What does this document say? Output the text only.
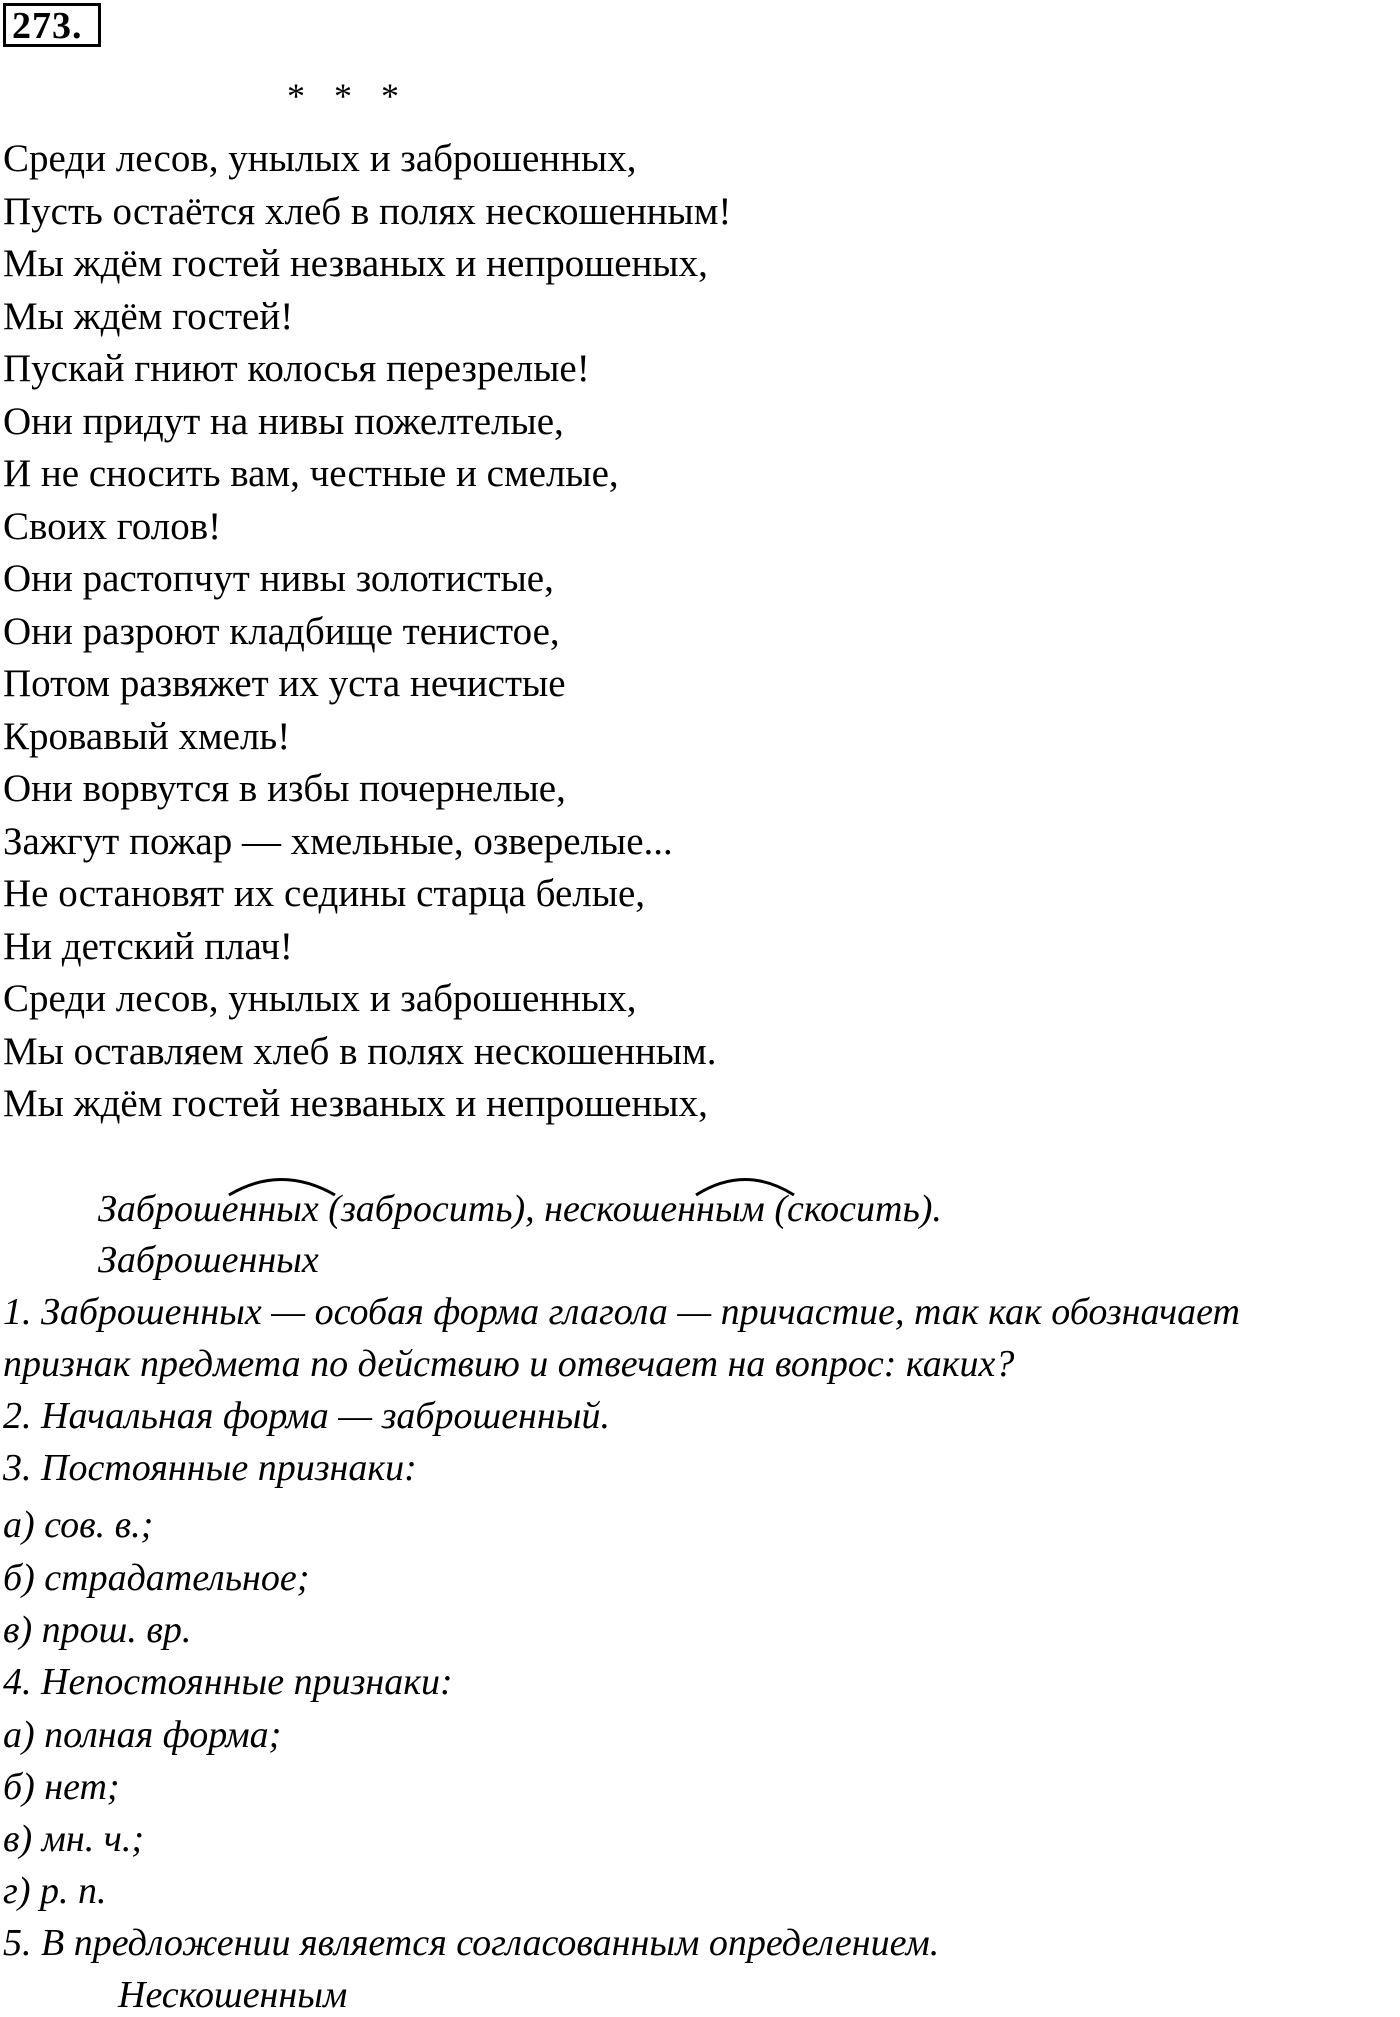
273.
* * *
Среди лесов, унылых и заброшенных,
Пусть остаётся хлеб в полях нескошенным!
Мы ждём гостей незваных и непрошеных,
Мы ждём гостей!
Пускай гниют колосья перезрелые!
Они придут на нивы пожелтелые,
И не сносить вам, честные и смелые,
Своих голов!
Они растопчут нивы золотистые,
Они разроют кладбище тенистое,
Потом развяжет их уста нечистые
Кровавый хмель!
Они ворвутся в избы почернелые,
Зажгут пожар — хмельные, озверелые...
Не остановят их седины старца белые,
Ни детский плач!
Среди лесов, унылых и заброшенных,
Мы оставляем хлеб в полях нескошенным.
Мы ждём гостей незваных и непрошеных,
Заброшенных (забросить), нескошенным (скосить).
Заброшенных
1. Заброшенных — особая форма глагола — причастие, так как обозначает
признак предмета по действию и отвечает на вопрос: каких?
2. Начальная форма — заброшенный.
3. Постоянные признаки:
а) сов. в.;
б) страдательное;
в) прош. вр.
4. Непостоянные признаки:
а) полная форма;
б) нет;
в) мн. ч.;
г) р. п.
5. В предложении является согласованным определением.
Нескошенным
